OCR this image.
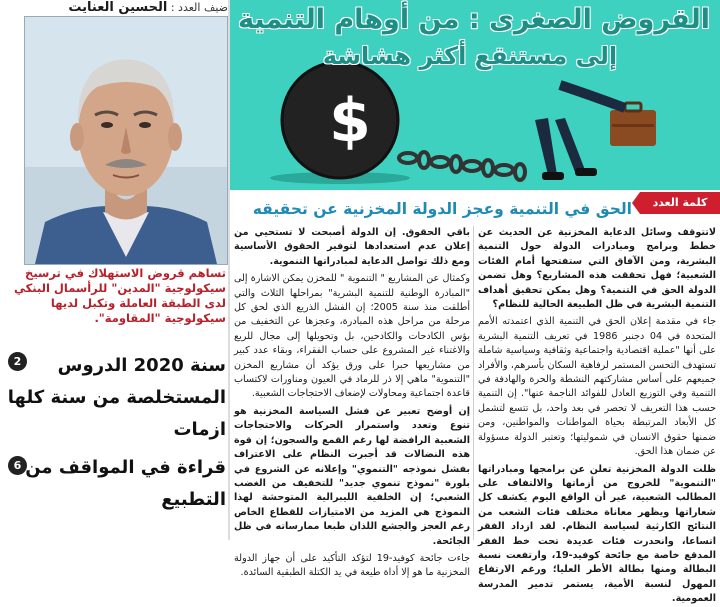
ضيف العدد : الحسين العنايت
تساهم قروض الاستهلاك في ترسيخ سيكولوجية "المدين" للرأسمال البنكي لدى الطبقة العاملة وتكبل لديها سيكولوجية "المقاومة".
2	سنة 2020 الدروس المستخلصة من سنة كلها ازمات
6 قراءة في المواقف من التطبيع
القروض الصغرى : من أوهام التنمية
إلى مستنقع أكثر هشاشة
$
كلمة العدد
الحق في التنمية وعجز الدولة المخزنية عن تحقيقه

لاتتوقف وسائل الدعاية المخزنية عن الحديث عن خطط وبرامج ومبادرات الدولة حول التنمية البشرية، ومن الآفاق التي ستفتحها أمام الفئات الشعبية؛ فهل تحققت هذه المشاريع؟ وهل تضمن الدولة الحق في التنمية؟ وهل يمكن تحقيق أهداف التنمية البشرية في ظل الطبيعة الحالية للنظام؟

جاء في مقدمة إعلان الحق في التنمية الذي اعتمدته الأمم المتحدة في 04 دجنبر 1986 في تعريف التنمية البشرية على أنها "عملية اقتصادية واجتماعية وثقافية وسياسية شاملة تستهدف التحسن المستمر لرفاهية السكان بأسرهم، والأفراد جميعهم على أساس مشاركتهم النشطة والحرة والهادفة في التنمية وفي التوزيع العادل للفوائد الناجمة عنها". إن التنمية حسب هذا التعريف لا تحصر في بعد واحد، بل تتسع لتشمل كل الأبعاد المرتبطة بحياة المواطنات والمواطنين، ومن ضمنها حقوق الانسان في شموليتها؛ وتعتبر الدولة مسؤولة عن ضمان هذا الحق.

ظلت الدولة المخزنية تعلن عن برامجها ومبادراتها "التنموية" للخروج من أزماتها والالتفاف على المطالب الشعبية، غير أن الواقع اليوم يكشف كل شعاراتها ويظهر معاناة مختلف فئات الشعب من النتائج الكارثية لسياسة النظام. لقد ازداد الفقر اتساعا، وانحدرت فئات عديدة تحت خط الفقر المدقع خاصة مع جائحة كوفيد-19، وارتفعت نسبة البطالة ومنها بطالة الأطر العليا؛ ورغم الارتفاع المهول لنسبة الأمية، يستمر تدمير المدرسة العمومية.

باقي الحقوق. إن الدولة أصبحت لا تستحيي من إعلان عدم استعدادها لتوفير الحقوق الأساسية ومع ذلك تواصل الدعاية لمبادراتها التنموية.

وكمثال عن المشاريع " التنموية " للمخزن يمكن الاشارة إلى "المبادرة الوطنية للتنمية البشرية" بمراحلها الثلاث والتي أطلقت منذ سنة 2005؛ إن الفشل الذريع الذي لحق كل مرحلة من مراحل هذه المبادرة، وعجزها عن التخفيف من بؤس الكادحات والكادحين، بل وتحويلها إلى مجال للريع والاغتناء غير المشروع على حساب الفقراء، وبقاء عدد كبير من مشاريعها حبرا على ورق يؤكد أن مشاريع المخزن "التنموية" ماهي إلا ذر للرماد في العيون ومناورات لاكتساب قاعدة اجتماعية ومحاولات لإضعاف الاحتجاجات الشعبية.

إن أوضح تعبير عن فشل السياسة المخزنية هو تنوع وتعدد واستمرار الحركات والاحتجاجات الشعبية الرافضة لها رغم القمع والسجون؛ إن قوة هذه النضالات قد أجبرت النظام على الاعتراف بفشل نموذجه "التنموي" وإعلانه عن الشروع في بلورة "نموذج تنموي جديد" للتخفيف من الغضب الشعبي؛ إن الخلفية الليبرالية المتوحشة لهذا النموذج هي المزيد من الامتيازات للقطاع الخاص رغم العجز والجشع اللذان طبعا ممارساته في ظل الجائحة.

جاءت جائحة كوفيد-19 لتؤكد التأكيد على أن جهاز الدولة المخزنية ما هو إلا أداة طيعة في يد الكتلة الطبقية السائدة.
